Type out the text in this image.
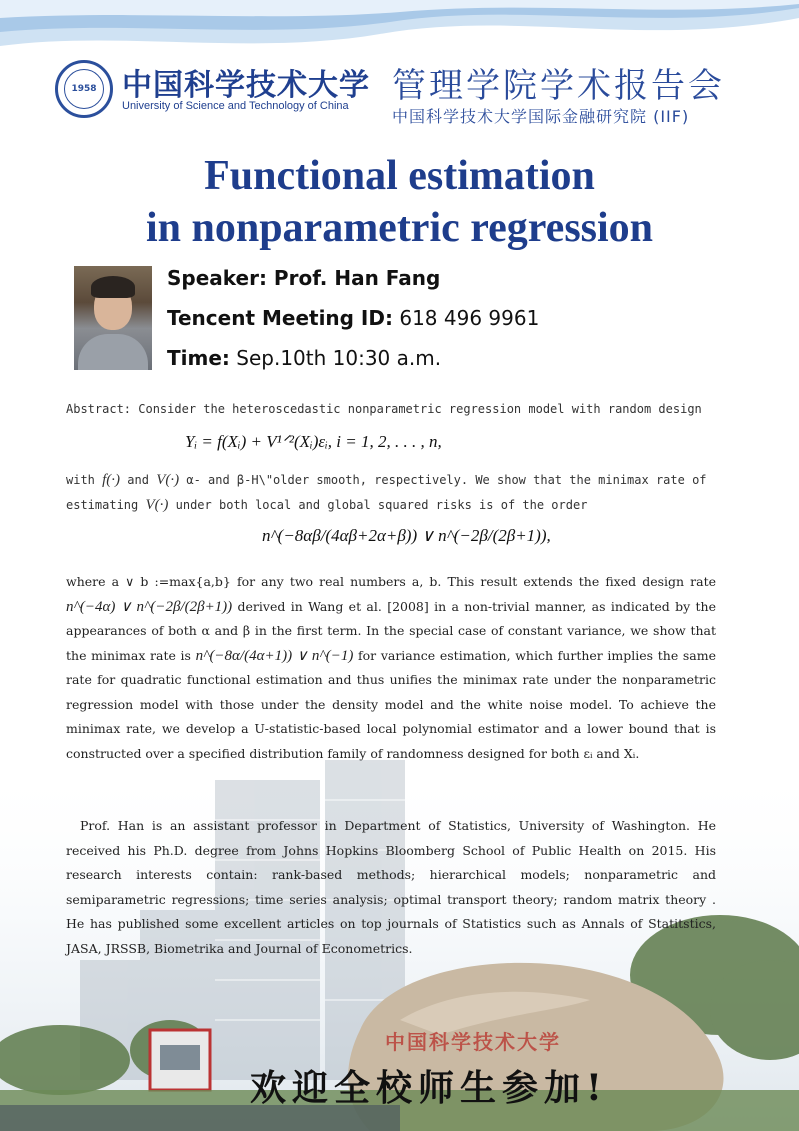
1958 中国科学技术大学
University of Science and Technology of China 管理学院学术报告会
中国科学技术大学国际金融研究院 (IIF)
Functional estimation
in nonparametric regression
Speaker: Prof. Han Fang
Tencent Meeting ID: 618 496 9961
Time: Sep.10th 10:30 a.m.
Abstract: Consider the heteroscedastic nonparametric regression model with random design
Yᵢ = f(Xᵢ) + V¹ᐟ²(Xᵢ)εᵢ, i = 1, 2, . . . , n,
with f(·) and V(·) α- and β-H\"older smooth, respectively. We show that the minimax rate of
estimating V(·) under both local and global squared risks is of the order
n^(−8αβ/(4αβ+2α+β)) ∨ n^(−2β/(2β+1)),
where a ∨ b :=max{a,b} for any two real numbers a, b. This result extends the fixed design rate n^(−4α) ∨ n^(−2β/(2β+1)) derived in Wang et al. [2008] in a non-trivial manner, as indicated by the appearances of both α and β in the first term. In the special case of constant variance, we show that the minimax rate is n^(−8α/(4α+1)) ∨ n^(−1) for variance estimation, which further implies the same rate for quadratic functional estimation and thus unifies the minimax rate under the nonparametric regression model with those under the density model and the white noise model. To achieve the minimax rate, we develop a U-statistic-based local polynomial estimator and a lower bound that is constructed over a specified distribution family of randomness designed for both εᵢ and Xᵢ.
中国科学技术大学
欢迎全校师生参加!
Prof. Han is an assistant professor in Department of Statistics, University of Washington. He received his Ph.D. degree from Johns Hopkins Bloomberg School of Public Health on 2015. His research interests contain: rank-based methods; hierarchical models; nonparametric and semiparametric regressions; time series analysis; optimal transport theory; random matrix theory . He has published some excellent articles on top journals of Statistics such as Annals of Statitstics, JASA, JRSSB, Biometrika and Journal of Econometrics.
